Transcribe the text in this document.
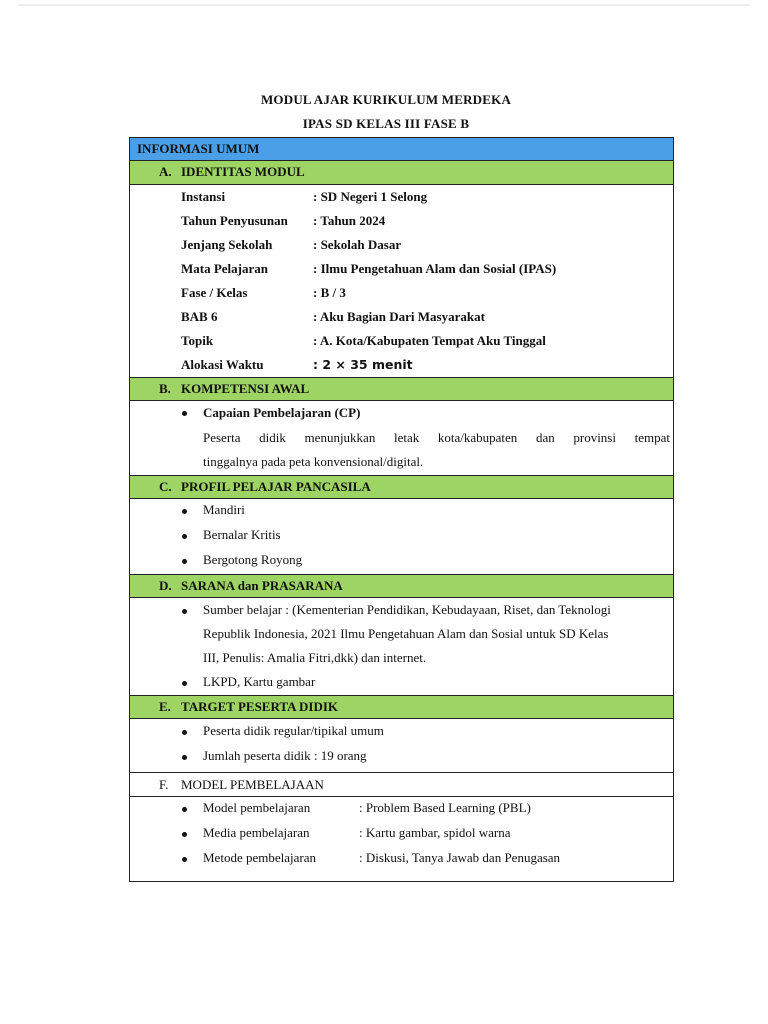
MODUL AJAR KURIKULUM MERDEKA
IPAS SD KELAS III FASE B
INFORMASI UMUM
A. IDENTITAS MODUL
Instansi	: SD Negeri 1 Selong
Tahun Penyusunan : Tahun 2024
Jenjang Sekolah	: Sekolah Dasar
Mata Pelajaran	: Ilmu Pengetahuan Alam dan Sosial (IPAS)
Fase / Kelas	: B / 3
BAB 6	: Aku Bagian Dari Masyarakat
Topik	: A. Kota/Kabupaten Tempat Aku Tinggal
Alokasi Waktu	: 2 × 35 menit
B. KOMPETENSI AWAL
Capaian Pembelajaran (CP)
Peserta didik menunjukkan letak kota/kabupaten dan provinsi tempat
tinggalnya pada peta konvensional/digital.
C. PROFIL PELAJAR PANCASILA
Mandiri
Bernalar Kritis
Bergotong Royong
D. SARANA dan PRASARANA
Sumber belajar : (Kementerian Pendidikan, Kebudayaan, Riset, dan Teknologi
Republik Indonesia, 2021 Ilmu Pengetahuan Alam dan Sosial untuk SD Kelas
III, Penulis: Amalia Fitri,dkk) dan internet.
LKPD, Kartu gambar
E. TARGET PESERTA DIDIK
Peserta didik regular/tipikal umum
Jumlah peserta didik : 19 orang
F. MODEL PEMBELAJAAN
Model pembelajaran	: Problem Based Learning (PBL)
Media pembelajaran	: Kartu gambar, spidol warna
Metode pembelajaran	: Diskusi, Tanya Jawab dan Penugasan
